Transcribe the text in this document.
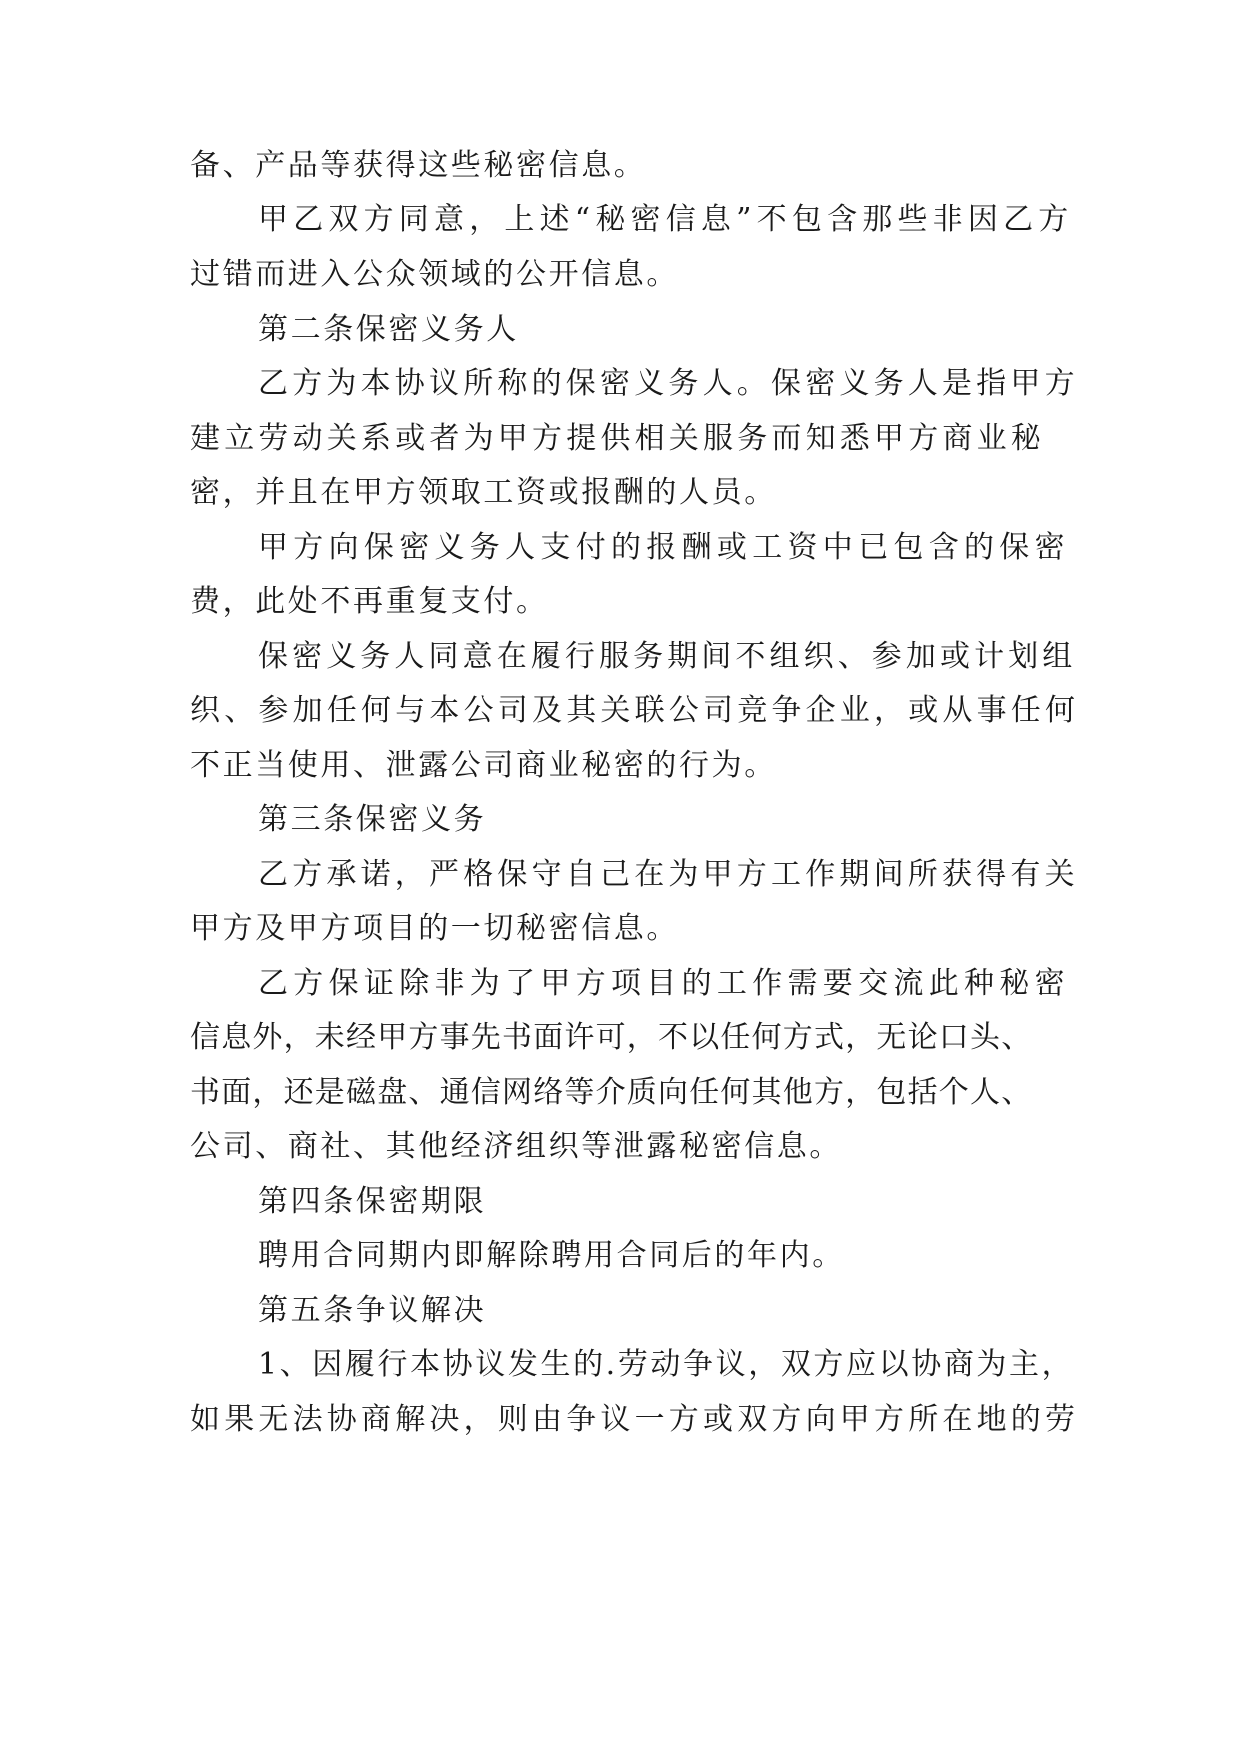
备、产品等获得这些秘密信息。

甲乙双方同意，上述“秘密信息”不包含那些非因乙方

过错而进入公众领域的公开信息。

第二条保密义务人

乙方为本协议所称的保密义务人。保密义务人是指甲方

建立劳动关系或者为甲方提供相关服务而知悉甲方商业秘

密，并且在甲方领取工资或报酬的人员。

甲方向保密义务人支付的报酬或工资中已包含的保密

费，此处不再重复支付。

保密义务人同意在履行服务期间不组织、参加或计划组

织、参加任何与本公司及其关联公司竞争企业，或从事任何

不正当使用、泄露公司商业秘密的行为。

第三条保密义务

乙方承诺，严格保守自己在为甲方工作期间所获得有关

甲方及甲方项目的一切秘密信息。

乙方保证除非为了甲方项目的工作需要交流此种秘密

信息外，未经甲方事先书面许可，不以任何方式，无论口头、

书面，还是磁盘、通信网络等介质向任何其他方，包括个人、

公司、商社、其他经济组织等泄露秘密信息。

第四条保密期限

聘用合同期内即解除聘用合同后的年内。

第五条争议解决

1、因履行本协议发生的.劳动争议，双方应以协商为主，

如果无法协商解决，则由争议一方或双方向甲方所在地的劳
